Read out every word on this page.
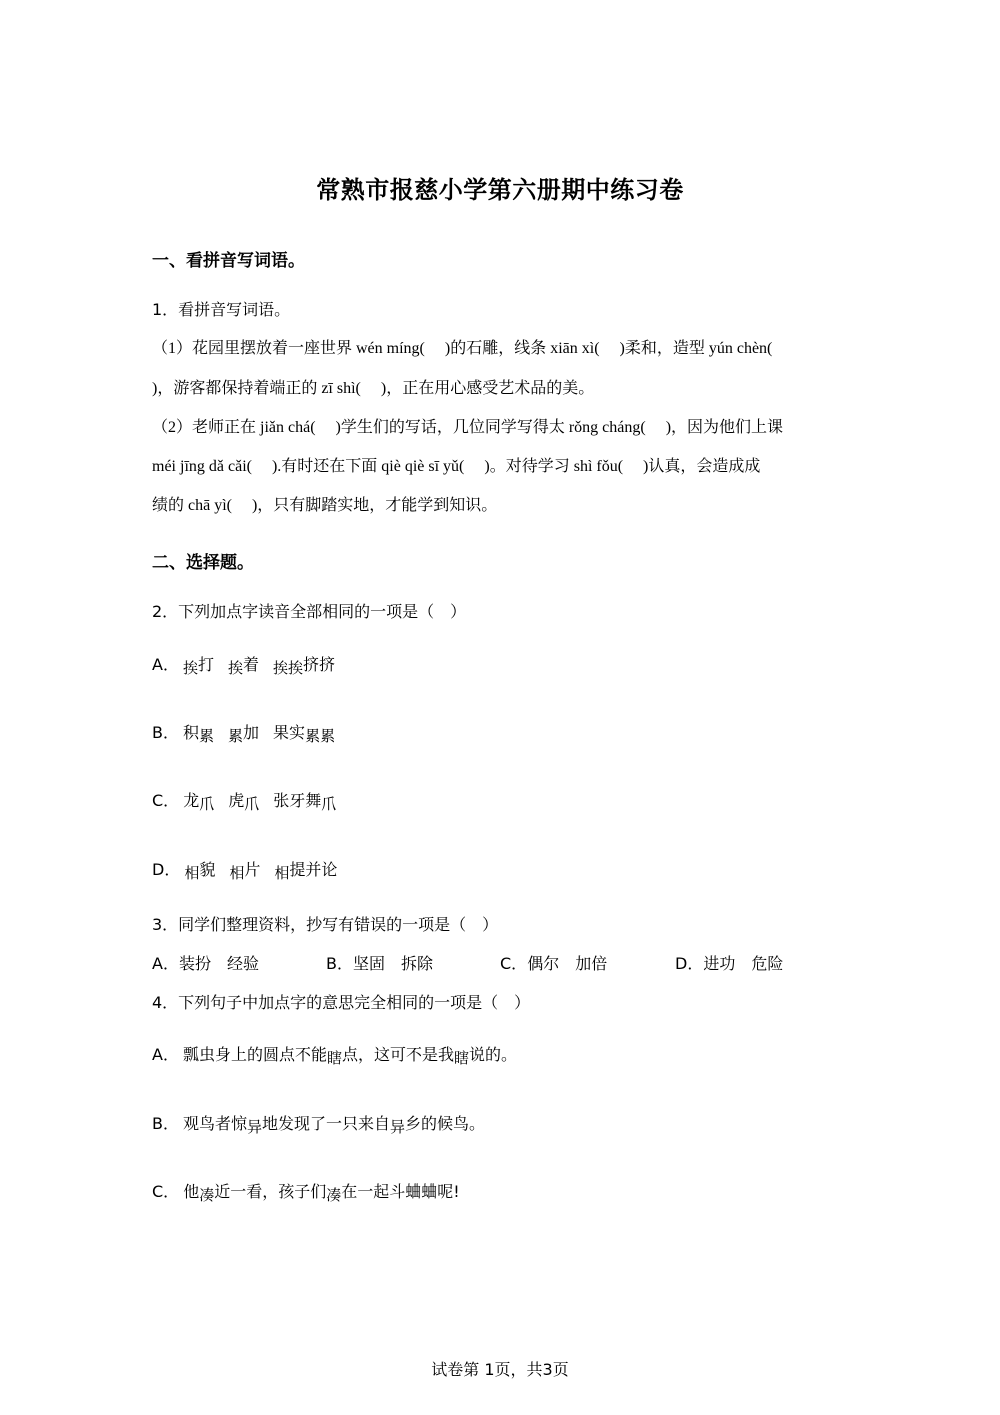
常熟市报慈小学第六册期中练习卷
一、看拼音写词语。
1．看拼音写词语。
（1）花园里摆放着一座世界 wén míng(　 )的石雕，线条 xiān xì(　 )柔和，造型 yún chèn(
)，游客都保持着端正的 zī shì(　 )，正在用心感受艺术品的美。
（2）老师正在 jiǎn chá(　 )学生们的写话，几位同学写得太 rǒng cháng(　 )，因为他们上课
méi jīng dǎ cǎi(　 ).有时还在下面 qiè qiè sī yǔ(　 )。对待学习 shì fǒu(　 )认真，会造成成
绩的 chā yì(　 )，只有脚踏实地，才能学到知识。
二、选择题。
2．下列加点字读音全部相同的一项是（　）
A． 挨打 挨着 挨挨挤挤
B． 积累 累加 果实累累
C． 龙爪 虎爪 张牙舞爪
D． 相貌 相片 相提并论
3．同学们整理资料，抄写有错误的一项是（　）
A．装扮　经验	B．坚固　拆除	C．偶尔　加倍	D．进功　危险
4．下列句子中加点字的意思完全相同的一项是（　）
A． 瓢虫身上的圆点不能瞎点，这可不是我瞎说的。
B． 观鸟者惊异地发现了一只来自异乡的候鸟。
C． 他凑近一看，孩子们凑在一起斗蛐蛐呢!
试卷第 1页，共3页
